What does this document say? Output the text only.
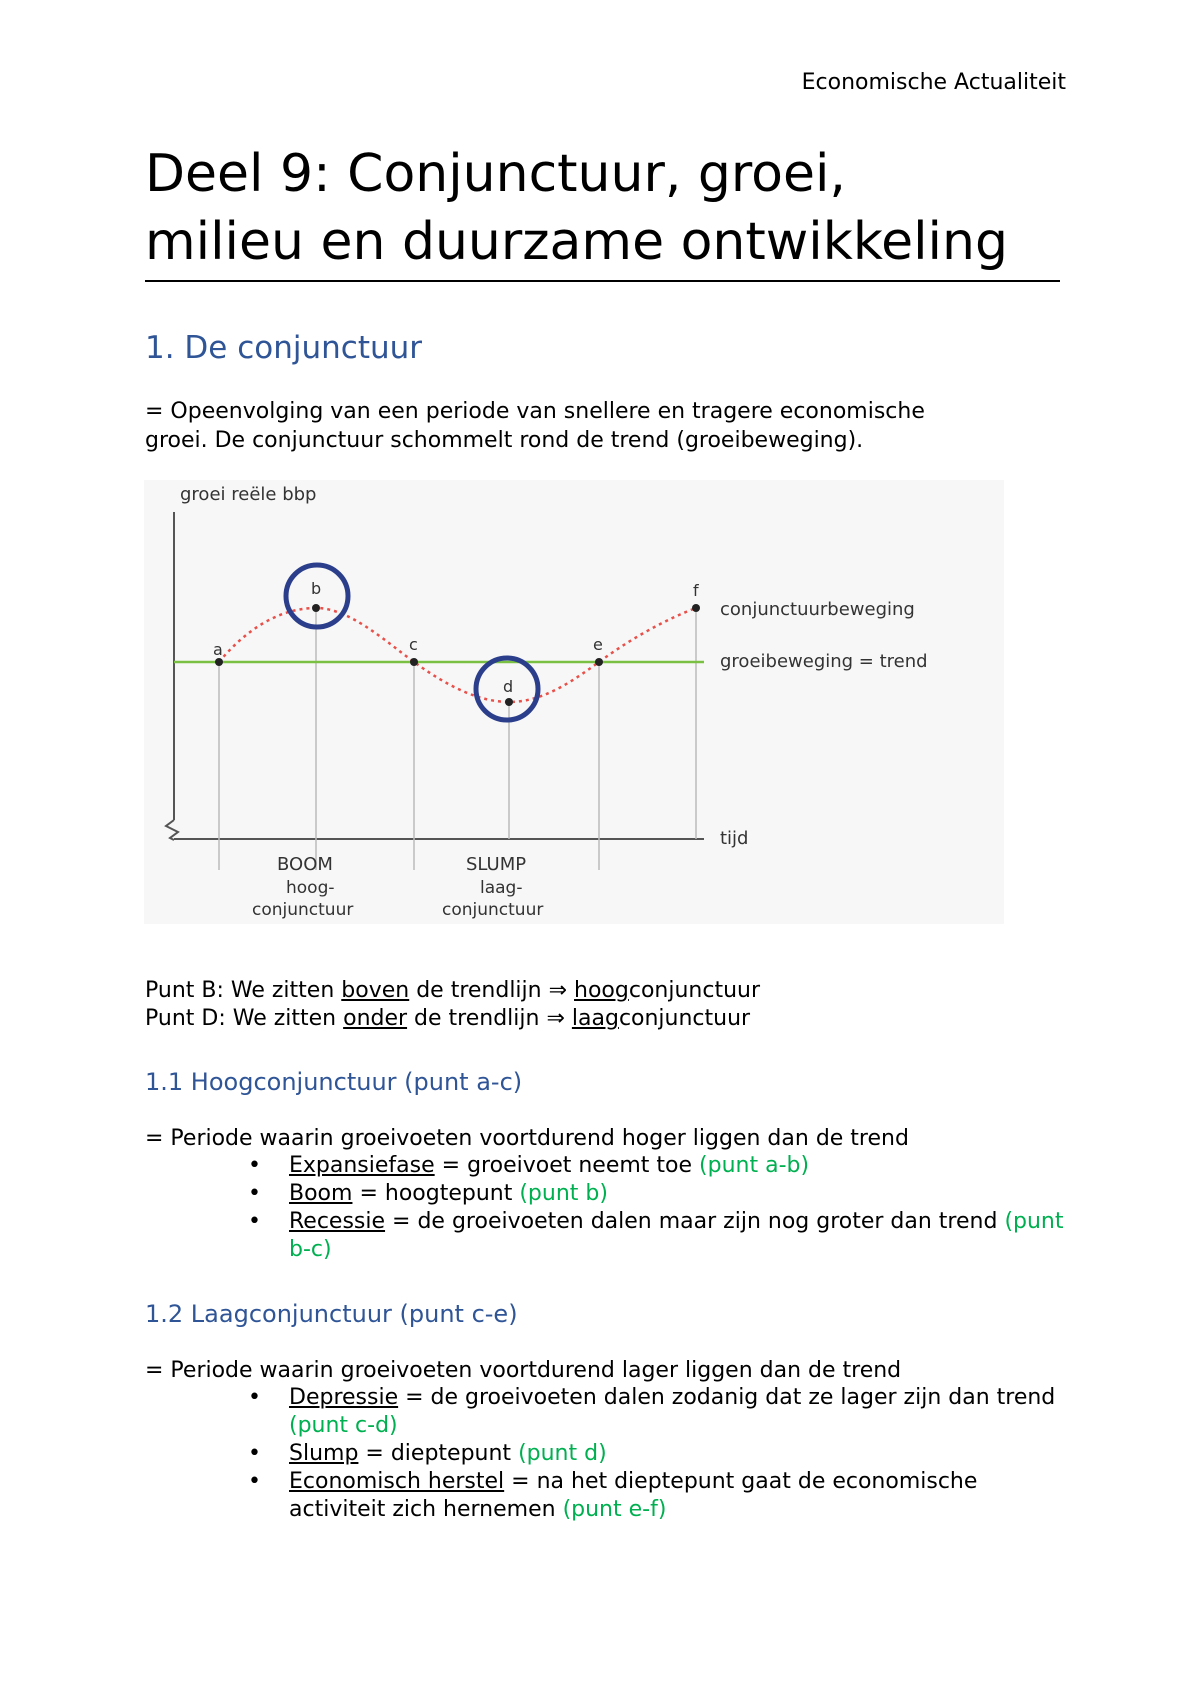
Economische Actualiteit
Deel 9: Conjunctuur, groei,
milieu en duurzame ontwikkeling
1. De conjunctuur

= Opeenvolging van een periode van snellere en tragere economische
groei. De conjunctuur schommelt rond de trend (groeibeweging).

a
b
c
d
e
f
groei reële bbp
tijd
conjunctuurbeweging
groeibeweging = trend
BOOM
hoog-
conjunctuur
SLUMP
laag-
conjunctuur

Punt B: We zitten boven de trendlijn ⇒ hoogconjunctuur

Punt D: We zitten onder de trendlijn ⇒ laagconjunctuur

1.1 Hoogconjunctuur (punt a-c)

= Periode waarin groeivoeten voortdurend hoger liggen dan de trend

• Expansiefase = groeivoet neemt toe (punt a-b)
• Boom = hoogtepunt (punt b)
• Recessie = de groeivoeten dalen maar zijn nog groter dan trend (punt b-c)
1.2 Laagconjunctuur (punt c-e)

= Periode waarin groeivoeten voortdurend lager liggen dan de trend

• Depressie = de groeivoeten dalen zodanig dat ze lager zijn dan trend (punt c-d)
• Slump = dieptepunt (punt d)
• Economisch herstel = na het dieptepunt gaat de economische activiteit zich hernemen (punt e-f)
